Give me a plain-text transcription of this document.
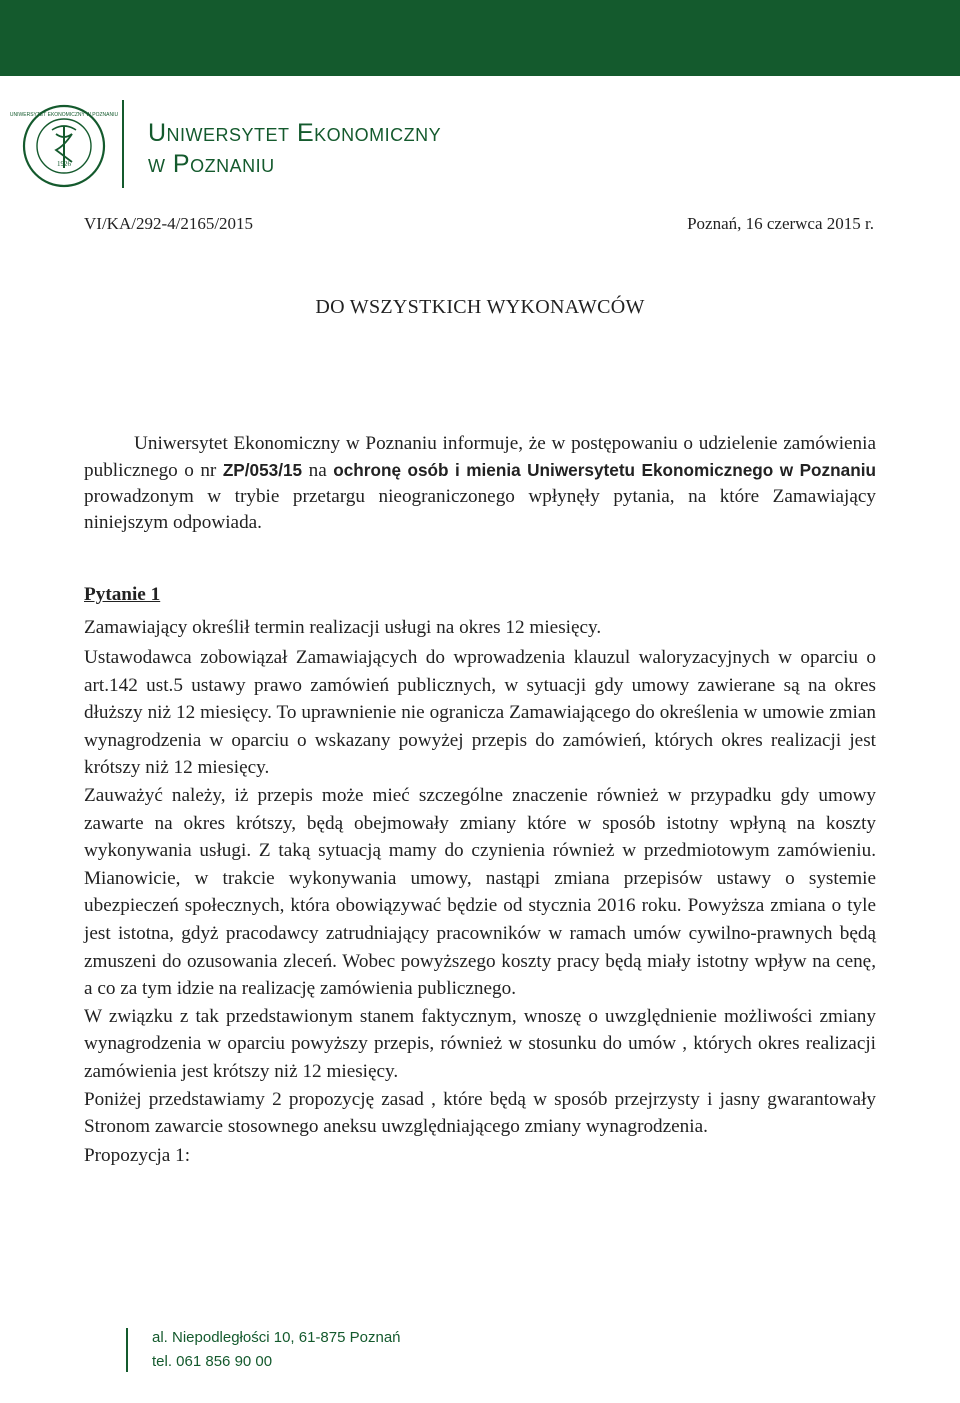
1926
UNIWERSYTET EKONOMICZNY W POZNANIU
Uniwersytet Ekonomiczny
w Poznaniu
VI/KA/292-4/2165/2015	Poznań, 16 czerwca 2015 r.
DO WSZYSTKICH WYKONAWCÓW

Uniwersytet Ekonomiczny w Poznaniu informuje, że w postępowaniu o udzielenie zamówienia publicznego o nr ZP/053/15 na ochronę osób i mienia Uniwersytetu Ekonomicznego w Poznaniu prowadzonym w trybie przetargu nieograniczonego wpłynęły pytania, na które Zamawiający niniejszym odpowiada.

Pytanie 1

Zamawiający określił termin realizacji usługi na okres 12 miesięcy.

Ustawodawca zobowiązał Zamawiających do wprowadzenia klauzul waloryzacyjnych w oparciu o art.142 ust.5 ustawy prawo zamówień publicznych, w sytuacji gdy umowy zawierane są na okres dłuższy niż 12 miesięcy. To uprawnienie nie ogranicza Zamawiającego do określenia w umowie zmian wynagrodzenia w oparciu o wskazany powyżej przepis do zamówień, których okres realizacji jest krótszy niż 12 miesięcy.

Zauważyć należy, iż przepis może mieć szczególne znaczenie również w przypadku gdy umowy zawarte na okres krótszy, będą obejmowały zmiany które w sposób istotny wpłyną na koszty wykonywania usługi. Z taką sytuacją mamy do czynienia również w przedmiotowym zamówieniu. Mianowicie, w trakcie wykonywania umowy, nastąpi zmiana przepisów ustawy o systemie ubezpieczeń społecznych, która obowiązywać będzie od stycznia 2016 roku. Powyższa zmiana o tyle jest istotna, gdyż pracodawcy zatrudniający pracowników w ramach umów cywilno-prawnych będą zmuszeni do ozusowania zleceń. Wobec powyższego koszty pracy będą miały istotny wpływ na cenę, a co za tym idzie na realizację zamówienia publicznego.

W związku z tak przedstawionym stanem faktycznym, wnoszę o uwzględnienie możliwości zmiany wynagrodzenia w oparciu powyższy przepis, również w stosunku do umów , których okres realizacji zamówienia jest krótszy niż 12 miesięcy.

Poniżej przedstawiamy 2 propozycję zasad , które będą w sposób przejrzysty i jasny gwarantowały Stronom zawarcie stosownego aneksu uwzględniającego zmiany wynagrodzenia.

Propozycja 1:

al. Niepodległości 10, 61-875 Poznań
tel. 061 856 90 00
